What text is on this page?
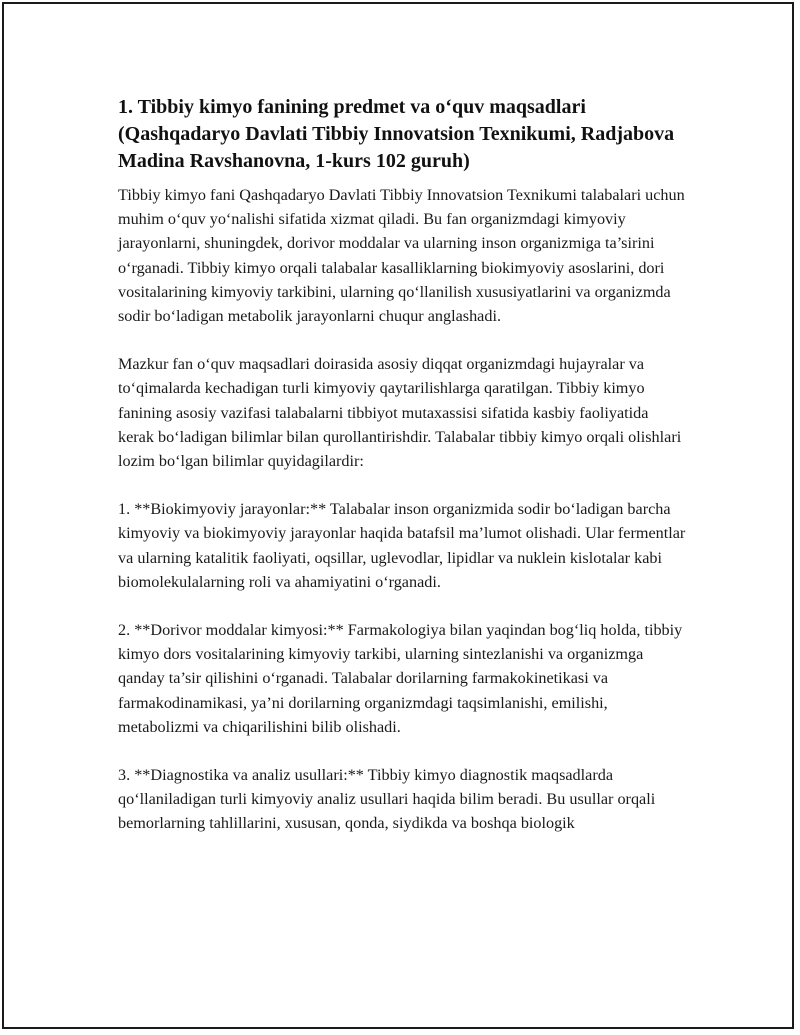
1. Tibbiy kimyo fanining predmet va o‘quv maqsadlari (Qashqadaryo Davlati Tibbiy Innovatsion Texnikumi, Radjabova Madina Ravshanovna, 1-kurs 102 guruh)

Tibbiy kimyo fani Qashqadaryo Davlati Tibbiy Innovatsion Texnikumi talabalari uchun muhim o‘quv yo‘nalishi sifatida xizmat qiladi. Bu fan organizmdagi kimyoviy jarayonlarni, shuningdek, dorivor moddalar va ularning inson organizmiga ta’sirini o‘rganadi. Tibbiy kimyo orqali talabalar kasalliklarning biokimyoviy asoslarini, dori vositalarining kimyoviy tarkibini, ularning qo‘llanilish xususiyatlarini va organizmda sodir bo‘ladigan metabolik jarayonlarni chuqur anglashadi.

Mazkur fan o‘quv maqsadlari doirasida asosiy diqqat organizmdagi hujayralar va to‘qimalarda kechadigan turli kimyoviy qaytarilishlarga qaratilgan. Tibbiy kimyo fanining asosiy vazifasi talabalarni tibbiyot mutaxassisi sifatida kasbiy faoliyatida kerak bo‘ladigan bilimlar bilan qurollantirishdir. Talabalar tibbiy kimyo orqali olishlari lozim bo‘lgan bilimlar quyidagilardir:

1. **Biokimyoviy jarayonlar:** Talabalar inson organizmida sodir bo‘ladigan barcha kimyoviy va biokimyoviy jarayonlar haqida batafsil ma’lumot olishadi. Ular fermentlar va ularning katalitik faoliyati, oqsillar, uglevodlar, lipidlar va nuklein kislotalar kabi biomolekulalarning roli va ahamiyatini o‘rganadi.

2. **Dorivor moddalar kimyosi:** Farmakologiya bilan yaqindan bog‘liq holda, tibbiy kimyo dors vositalarining kimyoviy tarkibi, ularning sintezlanishi va organizmga qanday ta’sir qilishini o‘rganadi. Talabalar dorilarning farmakokinetikasi va farmakodinamikasi, ya’ni dorilarning organizmdagi taqsimlanishi, emilishi, metabolizmi va chiqarilishini bilib olishadi.

3. **Diagnostika va analiz usullari:** Tibbiy kimyo diagnostik maqsadlarda qo‘llaniladigan turli kimyoviy analiz usullari haqida bilim beradi. Bu usullar orqali bemorlarning tahlillarini, xususan, qonda, siydikda va boshqa biologik
